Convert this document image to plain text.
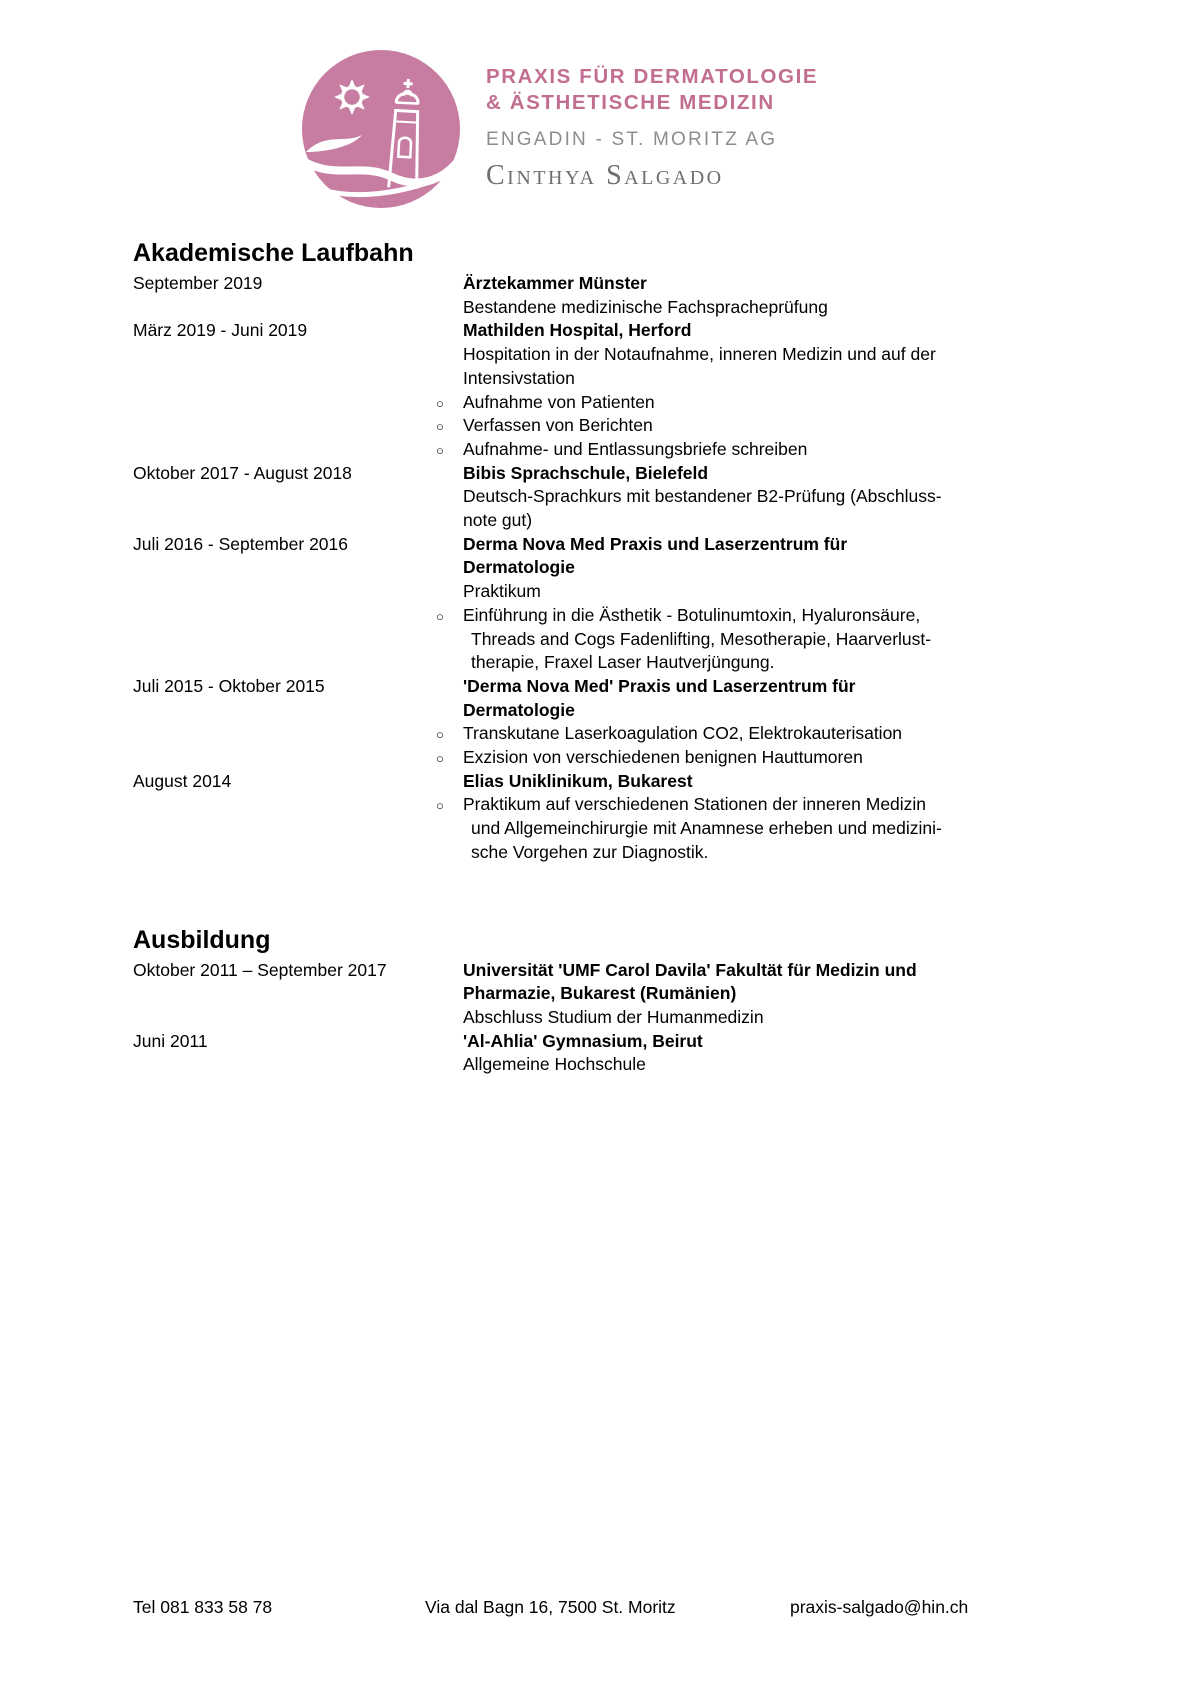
PRAXIS FÜR DERMATOLOGIE
& ÄSTHETISCHE MEDIZIN
ENGADIN - ST. MORITZ AG
Cinthya Salgado
Akademische Laufbahn
September 2019	Ärztekammer Münster
Bestandene medizinische Fachspracheprüfung
März 2019 - Juni 2019	Mathilden Hospital, Herford
Hospitation in der Notaufnahme, inneren Medizin und auf der
Intensivstation
○ Aufnahme von Patienten
○ Verfassen von Berichten
○ Aufnahme- und Entlassungsbriefe schreiben
Oktober 2017 - August 2018	Bibis Sprachschule, Bielefeld
Deutsch-Sprachkurs mit bestandener B2-Prüfung (Abschluss-
note gut)
Juli 2016 - September 2016	Derma Nova Med Praxis und Laserzentrum für
Dermatologie
Praktikum
○ Einführung in die Ästhetik - Botulinumtoxin, Hyaluronsäure,
Threads and Cogs Fadenlifting, Mesotherapie, Haarverlust-
therapie, Fraxel Laser Hautverjüngung.
Juli 2015 - Oktober 2015	'Derma Nova Med' Praxis und Laserzentrum für
Dermatologie
○ Transkutane Laserkoagulation CO2, Elektrokauterisation
○ Exzision von verschiedenen benignen Hauttumoren
August 2014	Elias Uniklinikum, Bukarest
○ Praktikum auf verschiedenen Stationen der inneren Medizin
und Allgemeinchirurgie mit Anamnese erheben und medizini-
sche Vorgehen zur Diagnostik.
Ausbildung
Oktober 2011 – September 2017	Universität 'UMF Carol Davila' Fakultät für Medizin und
Pharmazie, Bukarest (Rumänien)
Abschluss Studium der Humanmedizin
Juni 2011	'Al-Ahlia' Gymnasium, Beirut
Allgemeine Hochschule
Tel 081 833 58 78	Via dal Bagn 16, 7500 St. Moritz	praxis-salgado@hin.ch
